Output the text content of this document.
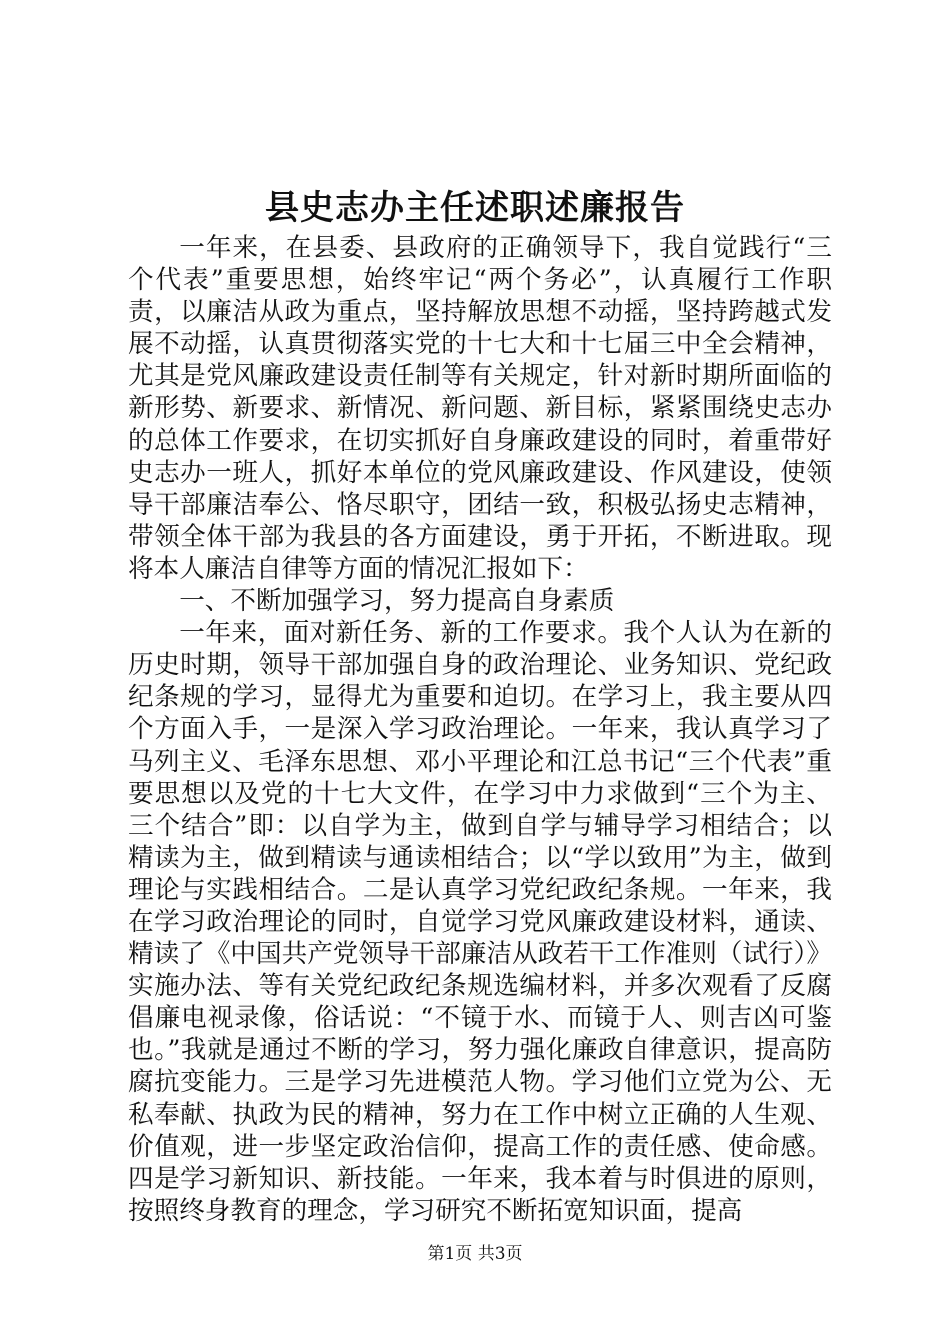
县史志办主任述职述廉报告

一年来，在县委、县政府的正确领导下，我自觉践行“三个代表”重要思想，始终牢记“两个务必”，认真履行工作职责，以廉洁从政为重点，坚持解放思想不动摇，坚持跨越式发展不动摇，认真贯彻落实党的十七大和十七届三中全会精神，尤其是党风廉政建设责任制等有关规定，针对新时期所面临的新形势、新要求、新情况、新问题、新目标，紧紧围绕史志办的总体工作要求，在切实抓好自身廉政建设的同时，着重带好史志办一班人，抓好本单位的党风廉政建设、作风建设，使领导干部廉洁奉公、恪尽职守，团结一致，积极弘扬史志精神，带领全体干部为我县的各方面建设，勇于开拓，不断进取。现将本人廉洁自律等方面的情况汇报如下：

一、不断加强学习，努力提高自身素质

一年来，面对新任务、新的工作要求。我个人认为在新的历史时期，领导干部加强自身的政治理论、业务知识、党纪政纪条规的学习，显得尤为重要和迫切。在学习上，我主要从四个方面入手，一是深入学习政治理论。一年来，我认真学习了马列主义、毛泽东思想、邓小平理论和江总书记“三个代表”重要思想以及党的十七大文件，在学习中力求做到“三个为主、三个结合”即：以自学为主，做到自学与辅导学习相结合；以精读为主，做到精读与通读相结合；以“学以致用”为主，做到理论与实践相结合。二是认真学习党纪政纪条规。一年来，我在学习政治理论的同时，自觉学习党风廉政建设材料，通读、精读了《中国共产党领导干部廉洁从政若干工作准则（试行）》实施办法、等有关党纪政纪条规选编材料，并多次观看了反腐倡廉电视录像，俗话说：“不镜于水、而镜于人、则吉凶可鉴也。”我就是通过不断的学习，努力强化廉政自律意识，提高防腐抗变能力。三是学习先进模范人物。学习他们立党为公、无私奉献、执政为民的精神，努力在工作中树立正确的人生观、价值观，进一步坚定政治信仰，提高工作的责任感、使命感。四是学习新知识、新技能。一年来，我本着与时俱进的原则，按照终身教育的理念，学习研究不断拓宽知识面，提高

第1页 共3页
